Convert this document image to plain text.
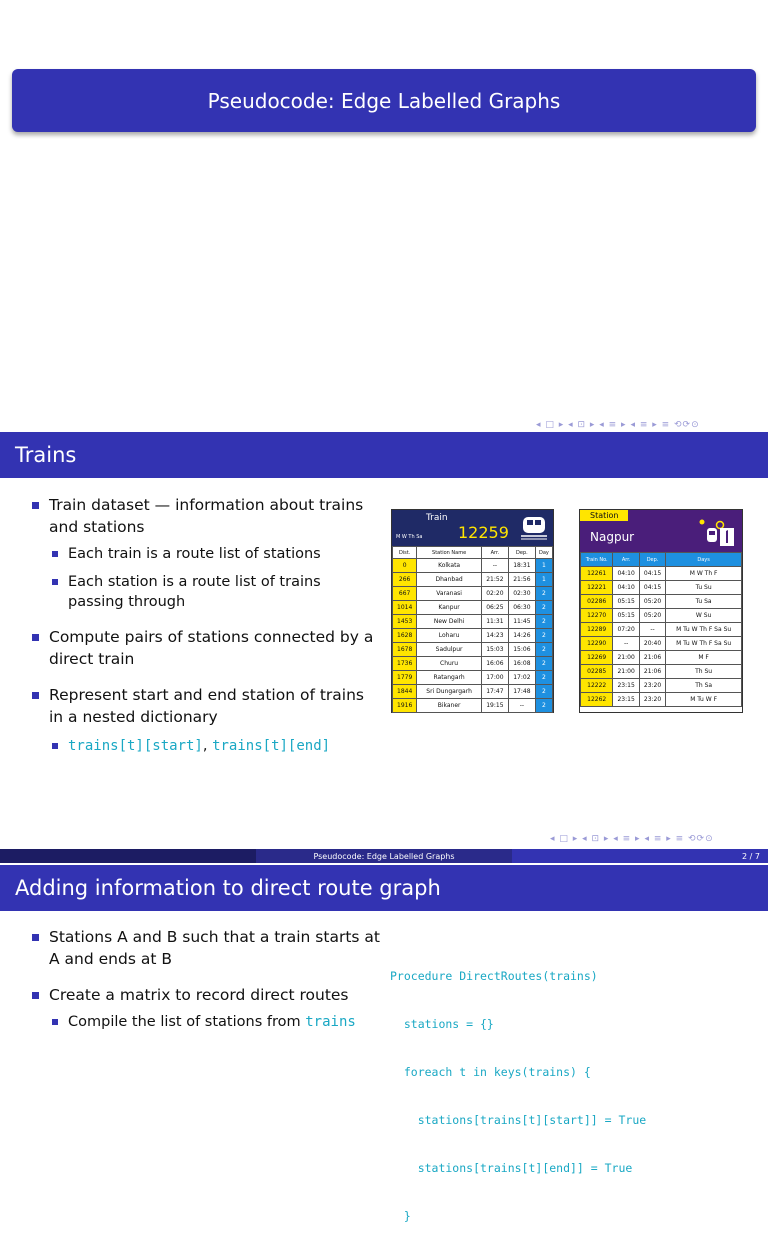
Pseudocode: Edge Labelled Graphs
◂ □ ▸ ◂ ⊡ ▸ ◂ ≡ ▸ ◂ ≡ ▸ ≡ ⟲⟳⊙
Trains
Train dataset — information about trains and stations
Each train is a route list of stations
Each station is a route list of trains passing through
Compute pairs of stations connected by a direct train
Represent start and end station of trains in a nested dictionary
trains[t][start], trains[t][end]
Train
M W Th Sa 12259
Dist.	Station Name	Arr.	Dep.	Day
0	Kolkata	--	18:31	1
266	Dhanbad	21:52	21:56	1
667	Varanasi	02:20	02:30	2
1014	Kanpur	06:25	06:30	2
1453	New Delhi	11:31	11:45	2
1628	Loharu	14:23	14:26	2
1678	Sadulpur	15:03	15:06	2
1736	Churu	16:06	16:08	2
1779	Ratangarh	17:00	17:02	2
1844	Sri Dungargarh	17:47	17:48	2
1916	Bikaner	19:15	--	2
Station
Nagpur
Train No.	Arr.	Dep.	Days
12261	04:10	04:15	M W Th F
12221	04:10	04:15	Tu Su
02286	05:15	05:20	Tu Sa
12270	05:15	05:20	W Su
12289	07:20	--	M Tu W Th F Sa Su
12290	--	20:40	M Tu W Th F Sa Su
12269	21:00	21:06	M F
02285	21:00	21:06	Th Su
12222	23:15	23:20	Th Sa
12262	23:15	23:20	M Tu W F
◂ □ ▸ ◂ ⊡ ▸ ◂ ≡ ▸ ◂ ≡ ▸ ≡ ⟲⟳⊙
Pseudocode: Edge Labelled Graphs	2 / 7
Adding information to direct route graph
Stations A and B such that a train starts at A and ends at B
Create a matrix to record direct routes
Compile the list of stations from trains

Procedure DirectRoutes(trains)

stations = {}

foreach t in keys(trains) {

stations[trains[t][start]] = True

stations[trains[t][end]] = True

}
